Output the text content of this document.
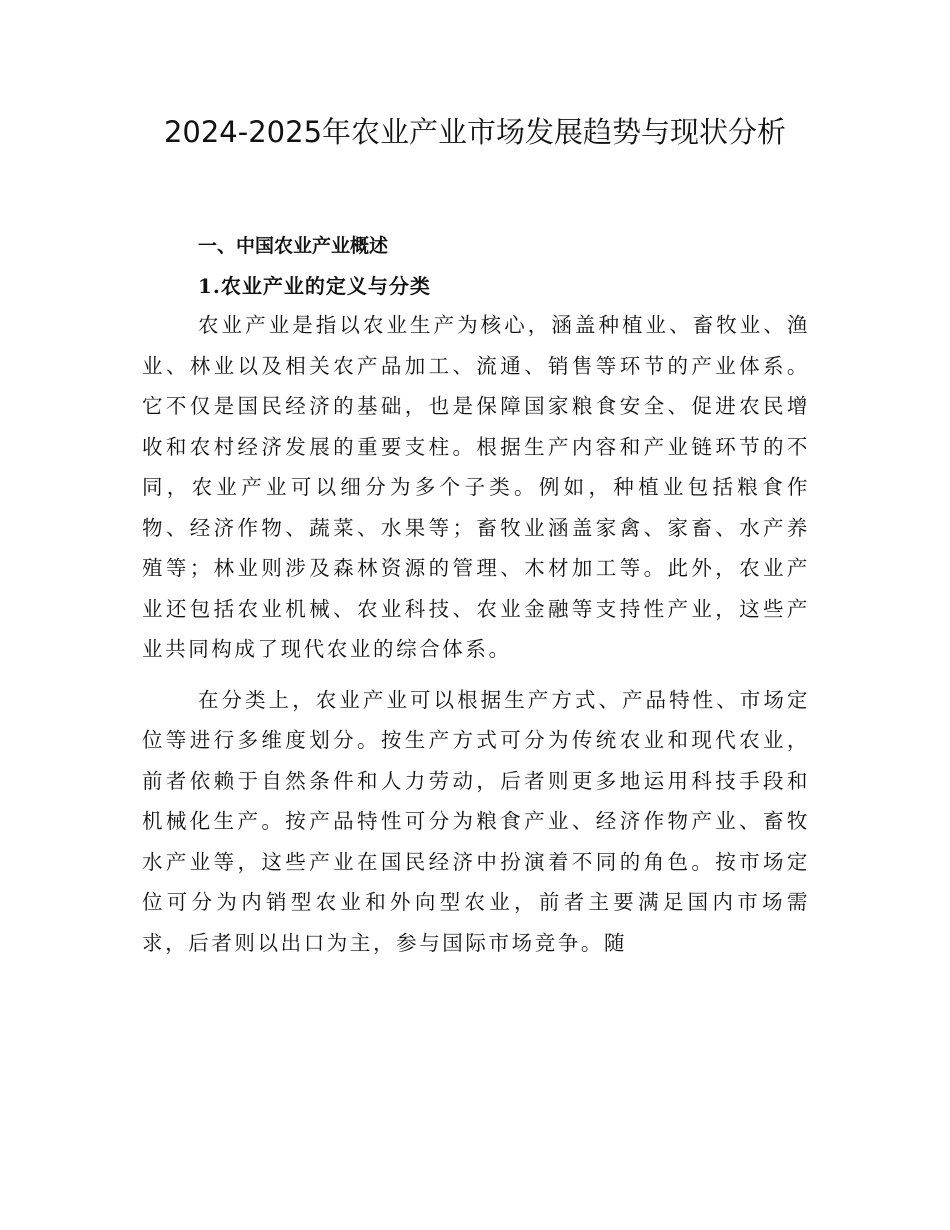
2024-2025年农业产业市场发展趋势与现状分析
一、中国农业产业概述
1.农业产业的定义与分类

农业产业是指以农业生产为核心，涵盖种植业、畜牧业、渔业、林业以及相关农产品加工、流通、销售等环节的产业体系。它不仅是国民经济的基础，也是保障国家粮食安全、促进农民增收和农村经济发展的重要支柱。根据生产内容和产业链环节的不同，农业产业可以细分为多个子类。例如，种植业包括粮食作物、经济作物、蔬菜、水果等；畜牧业涵盖家禽、家畜、水产养殖等；林业则涉及森林资源的管理、木材加工等。此外，农业产业还包括农业机械、农业科技、农业金融等支持性产业，这些产业共同构成了现代农业的综合体系。

在分类上，农业产业可以根据生产方式、产品特性、市场定位等进行多维度划分。按生产方式可分为传统农业和现代农业，前者依赖于自然条件和人力劳动，后者则更多地运用科技手段和机械化生产。按产品特性可分为粮食产业、经济作物产业、畜牧水产业等，这些产业在国民经济中扮演着不同的角色。按市场定位可分为内销型农业和外向型农业，前者主要满足国内市场需求，后者则以出口为主，参与国际市场竞争。随
